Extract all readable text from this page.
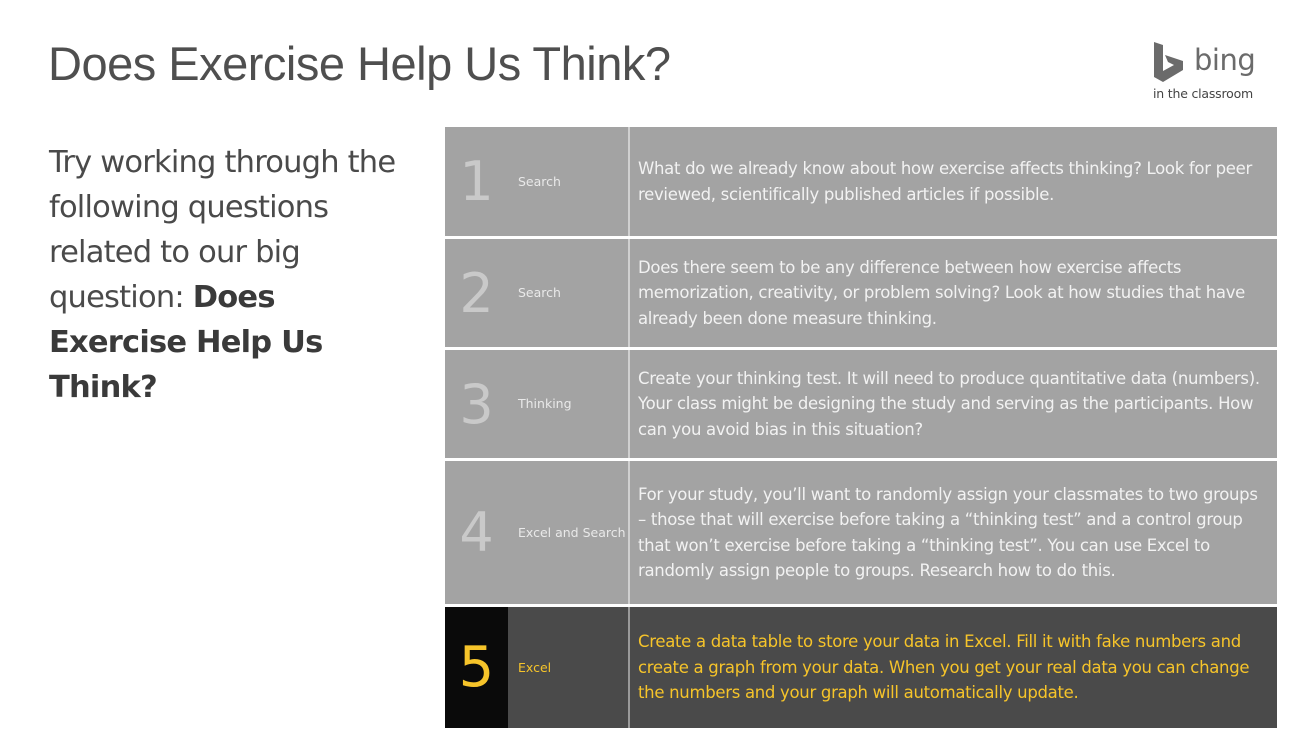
Does Exercise Help Us Think?	bing
in the classroom
Try working through the following questions related to our big question: Does Exercise Help Us Think?
1	Search
What do we already know about how exercise affects thinking? Look for peer reviewed, scientifically published articles if possible.
2	Search
Does there seem to be any difference between how exercise affects memorization, creativity, or problem solving? Look at how studies that have already been done measure thinking.
3	Thinking
Create your thinking test. It will need to produce quantitative data (numbers). Your class might be designing the study and serving as the participants. How can you avoid bias in this situation?
4	Excel and Search
For your study, you’ll want to randomly assign your classmates to two groups – those that will exercise before taking a “thinking test” and a control group that won’t exercise before taking a “thinking test”. You can use Excel to randomly assign people to groups. Research how to do this.
5	Excel
Create a data table to store your data in Excel. Fill it with fake numbers and create a graph from your data. When you get your real data you can change the numbers and your graph will automatically update.
